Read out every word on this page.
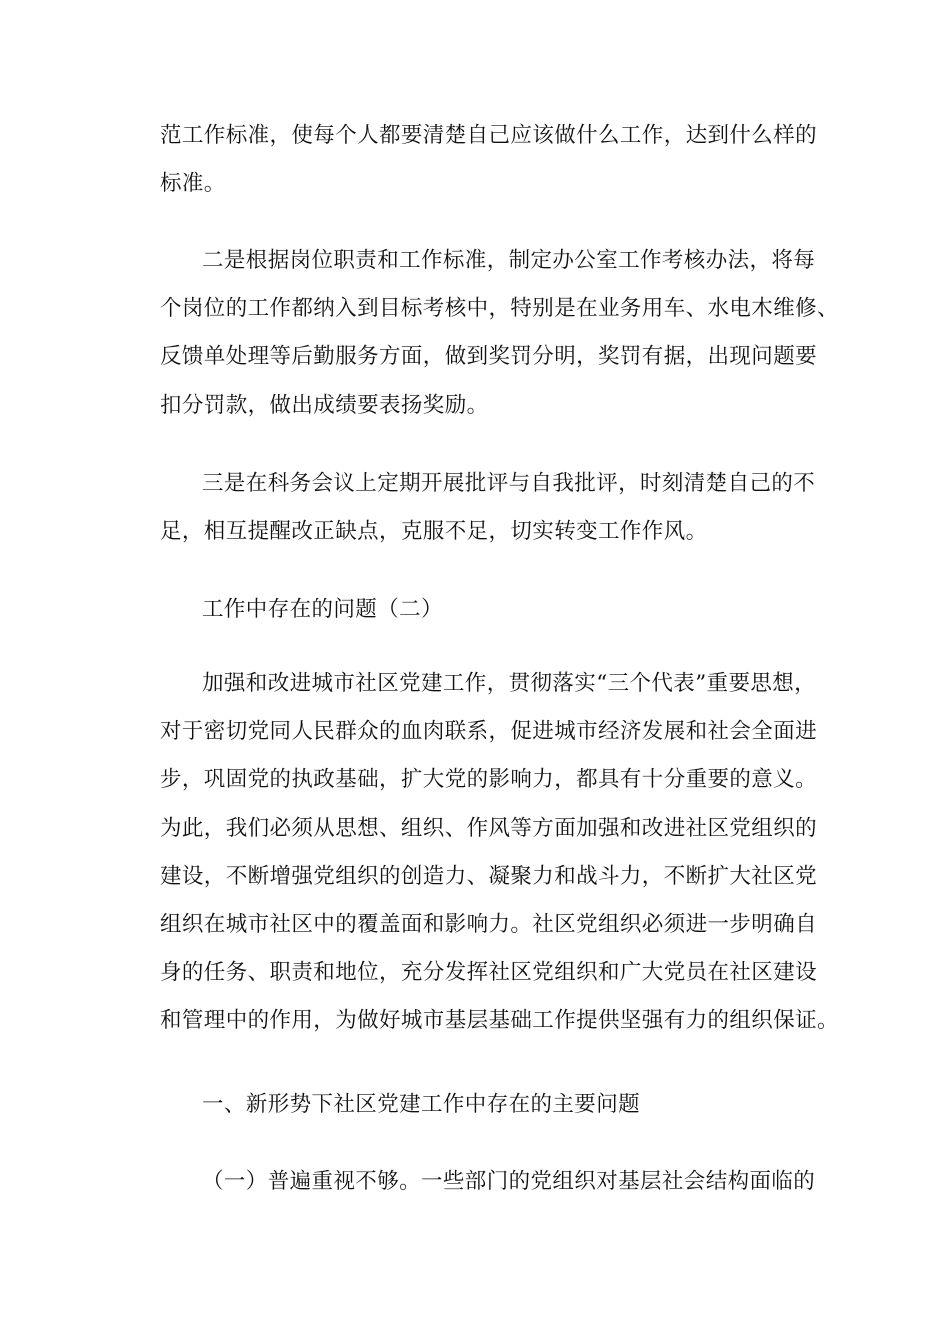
范工作标准，使每个人都要清楚自己应该做什么工作，达到什么样的
标准。
二是根据岗位职责和工作标准，制定办公室工作考核办法，将每
个岗位的工作都纳入到目标考核中，特别是在业务用车、水电木维修、
反馈单处理等后勤服务方面，做到奖罚分明，奖罚有据，出现问题要
扣分罚款，做出成绩要表扬奖励。
三是在科务会议上定期开展批评与自我批评，时刻清楚自己的不
足，相互提醒改正缺点，克服不足，切实转变工作作风。
工作中存在的问题（二）
加强和改进城市社区党建工作，贯彻落实“三个代表”重要思想，
对于密切党同人民群众的血肉联系，促进城市经济发展和社会全面进
步，巩固党的执政基础，扩大党的影响力，都具有十分重要的意义。
为此，我们必须从思想、组织、作风等方面加强和改进社区党组织的
建设，不断增强党组织的创造力、凝聚力和战斗力，不断扩大社区党
组织在城市社区中的覆盖面和影响力。社区党组织必须进一步明确自
身的任务、职责和地位，充分发挥社区党组织和广大党员在社区建设
和管理中的作用，为做好城市基层基础工作提供坚强有力的组织保证。
一、新形势下社区党建工作中存在的主要问题
（一）普遍重视不够。一些部门的党组织对基层社会结构面临的
